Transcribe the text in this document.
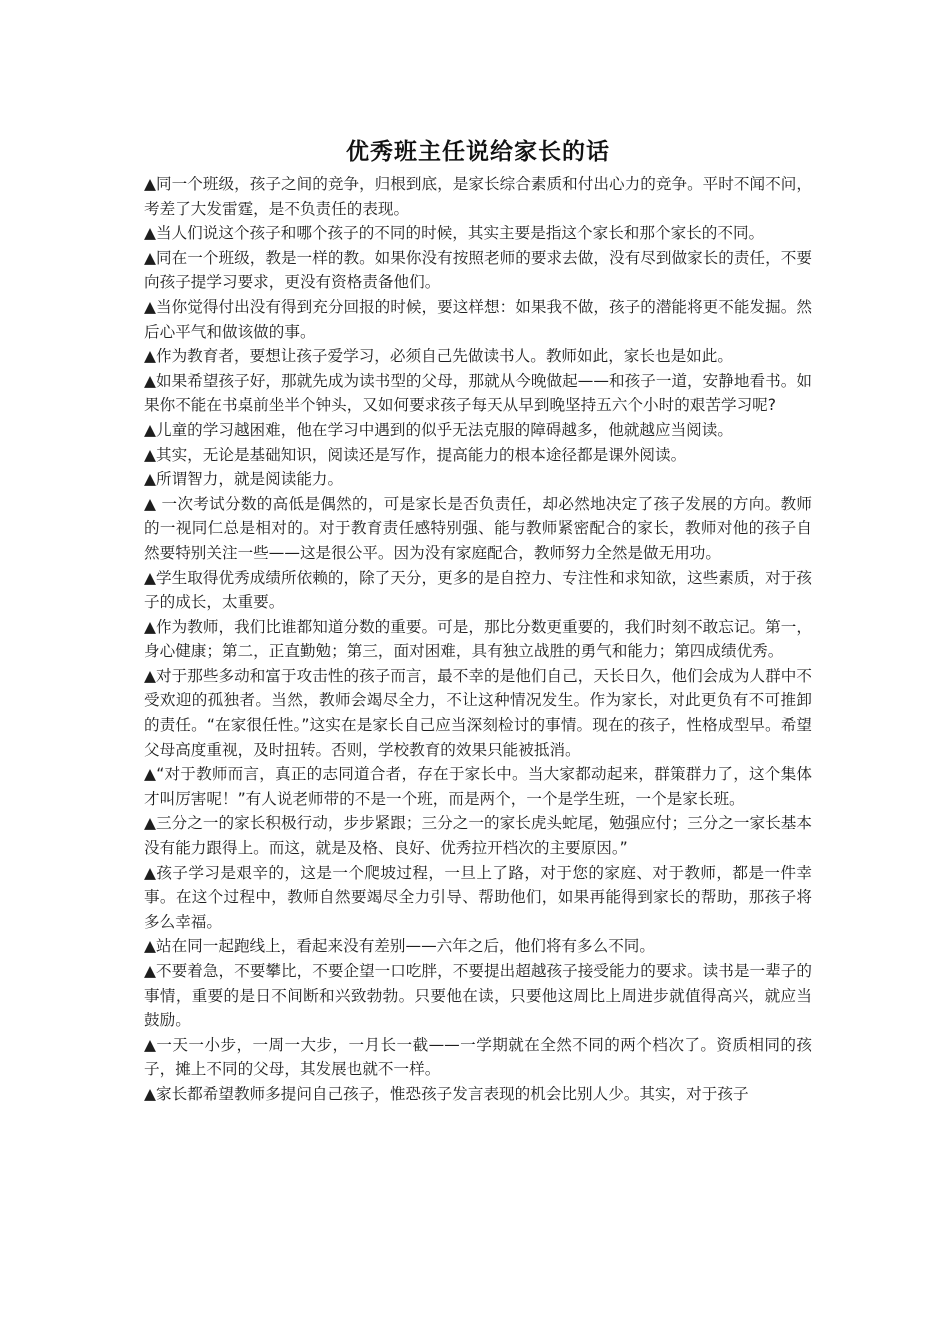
优秀班主任说给家长的话

▲同一个班级，孩子之间的竞争，归根到底，是家长综合素质和付出心力的竞争。平时不闻不问，考差了大发雷霆，是不负责任的表现。

▲当人们说这个孩子和哪个孩子的不同的时候，其实主要是指这个家长和那个家长的不同。

▲同在一个班级，教是一样的教。如果你没有按照老师的要求去做，没有尽到做家长的责任，不要向孩子提学习要求，更没有资格责备他们。

▲当你觉得付出没有得到充分回报的时候，要这样想：如果我不做，孩子的潜能将更不能发掘。然后心平气和做该做的事。

▲作为教育者，要想让孩子爱学习，必须自己先做读书人。教师如此，家长也是如此。

▲如果希望孩子好，那就先成为读书型的父母，那就从今晚做起——和孩子一道，安静地看书。如果你不能在书桌前坐半个钟头，又如何要求孩子每天从早到晚坚持五六个小时的艰苦学习呢?

▲儿童的学习越困难，他在学习中遇到的似乎无法克服的障碍越多，他就越应当阅读。

▲其实，无论是基础知识，阅读还是写作，提高能力的根本途径都是课外阅读。

▲所谓智力，就是阅读能力。

▲ 一次考试分数的高低是偶然的，可是家长是否负责任，却必然地决定了孩子发展的方向。教师的一视同仁总是相对的。对于教育责任感特别强、能与教师紧密配合的家长，教师对他的孩子自然要特别关注一些——这是很公平。因为没有家庭配合，教师努力全然是做无用功。

▲学生取得优秀成绩所依赖的，除了天分，更多的是自控力、专注性和求知欲，这些素质，对于孩子的成长，太重要。

▲作为教师，我们比谁都知道分数的重要。可是，那比分数更重要的，我们时刻不敢忘记。第一，身心健康；第二，正直勤勉；第三，面对困难，具有独立战胜的勇气和能力；第四成绩优秀。

▲对于那些多动和富于攻击性的孩子而言，最不幸的是他们自己，天长日久，他们会成为人群中不受欢迎的孤独者。当然，教师会竭尽全力，不让这种情况发生。作为家长，对此更负有不可推卸的责任。“在家很任性。”这实在是家长自己应当深刻检讨的事情。现在的孩子，性格成型早。希望父母高度重视，及时扭转。否则，学校教育的效果只能被抵消。

▲“对于教师而言，真正的志同道合者，存在于家长中。当大家都动起来，群策群力了，这个集体才叫厉害呢！”有人说老师带的不是一个班，而是两个，一个是学生班，一个是家长班。

▲三分之一的家长积极行动，步步紧跟；三分之一的家长虎头蛇尾，勉强应付；三分之一家长基本没有能力跟得上。而这，就是及格、良好、优秀拉开档次的主要原因。”

▲孩子学习是艰辛的，这是一个爬坡过程，一旦上了路，对于您的家庭、对于教师，都是一件幸事。在这个过程中，教师自然要竭尽全力引导、帮助他们，如果再能得到家长的帮助，那孩子将多么幸福。

▲站在同一起跑线上，看起来没有差别——六年之后，他们将有多么不同。

▲不要着急，不要攀比，不要企望一口吃胖，不要提出超越孩子接受能力的要求。读书是一辈子的事情，重要的是日不间断和兴致勃勃。只要他在读，只要他这周比上周进步就值得高兴，就应当鼓励。

▲一天一小步，一周一大步，一月长一截——一学期就在全然不同的两个档次了。资质相同的孩子，摊上不同的父母，其发展也就不一样。

▲家长都希望教师多提问自己孩子，惟恐孩子发言表现的机会比别人少。其实，对于孩子
